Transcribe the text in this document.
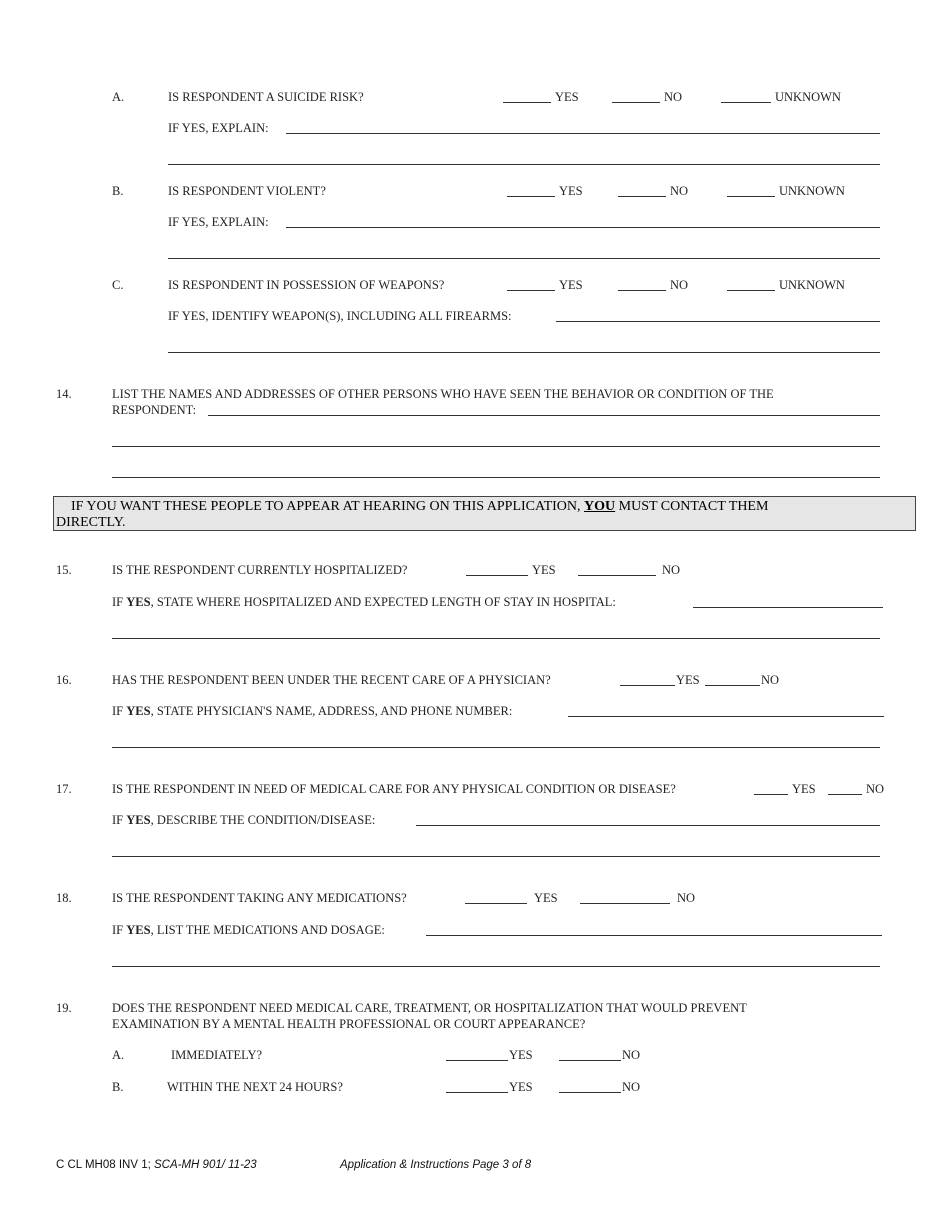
A.	IS RESPONDENT A SUICIDE RISK?	YES	NO	UNKNOWN
IF YES, EXPLAIN:
B.	IS RESPONDENT VIOLENT?	YES	NO	UNKNOWN
IF YES, EXPLAIN:
C.	IS RESPONDENT IN POSSESSION OF WEAPONS?	YES	NO	UNKNOWN
IF YES, IDENTIFY WEAPON(S), INCLUDING ALL FIREARMS:
14.	LIST THE NAMES AND ADDRESSES OF OTHER PERSONS WHO HAVE SEEN THE BEHAVIOR OR CONDITION OF THE
RESPONDENT:
IF YOU WANT THESE PEOPLE TO APPEAR AT HEARING ON THIS APPLICATION, YOU MUST CONTACT THEM
DIRECTLY.
15.	IS THE RESPONDENT CURRENTLY HOSPITALIZED?	YES	NO
IF YES, STATE WHERE HOSPITALIZED AND EXPECTED LENGTH OF STAY IN HOSPITAL:
16.	HAS THE RESPONDENT BEEN UNDER THE RECENT CARE OF A PHYSICIAN?	YES	NO
IF YES, STATE PHYSICIAN'S NAME, ADDRESS, AND PHONE NUMBER:
17.	IS THE RESPONDENT IN NEED OF MEDICAL CARE FOR ANY PHYSICAL CONDITION OR DISEASE?	YES	NO
IF YES, DESCRIBE THE CONDITION/DISEASE:
18.	IS THE RESPONDENT TAKING ANY MEDICATIONS?	YES	NO
IF YES, LIST THE MEDICATIONS AND DOSAGE:
19.	DOES THE RESPONDENT NEED MEDICAL CARE, TREATMENT, OR HOSPITALIZATION THAT WOULD PREVENT
EXAMINATION BY A MENTAL HEALTH PROFESSIONAL OR COURT APPEARANCE?
A.	IMMEDIATELY?	YES	NO
B.	WITHIN THE NEXT 24 HOURS?	YES	NO
C CL MH08 INV 1; SCA-MH 901/ 11-23	Application & Instructions Page 3 of 8
